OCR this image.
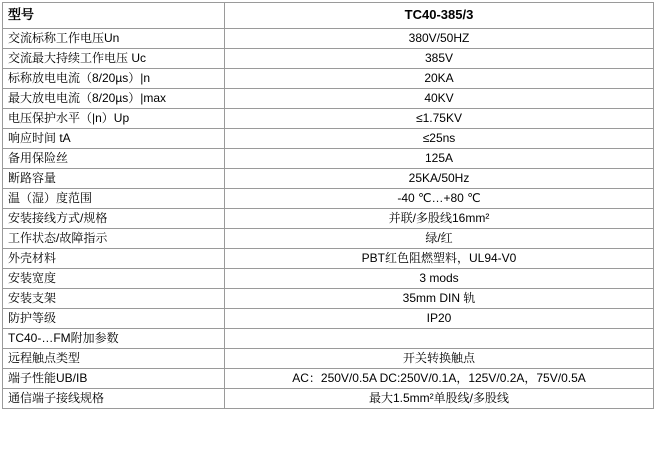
型号	TC40-385/3
交流标称工作电压Un	380V/50HZ
交流最大持续工作电压 Uc	385V
标称放电电流（8/20µs）|n	20KA
最大放电电流（8/20µs）|max	40KV
电压保护水平（|n）Up	≤1.75KV
响应时间 tA	≤25ns
备用保险丝	125A
断路容量	25KA/50Hz
温（湿）度范围	-40 ℃…+80 ℃
安装接线方式/规格	并联/多股线16mm²
工作状态/故障指示	绿/红
外壳材料	PBT红色阻燃塑料，UL94-V0
安装宽度	3 mods
安装支架	35mm DIN 轨
防护等级	IP20
TC40-…FM附加参数	
远程触点类型	开关转换触点
端子性能UB/IB	AC：250V/0.5A DC:250V/0.1A，125V/0.2A，75V/0.5A
通信端子接线规格	最大1.5mm²单股线/多股线
